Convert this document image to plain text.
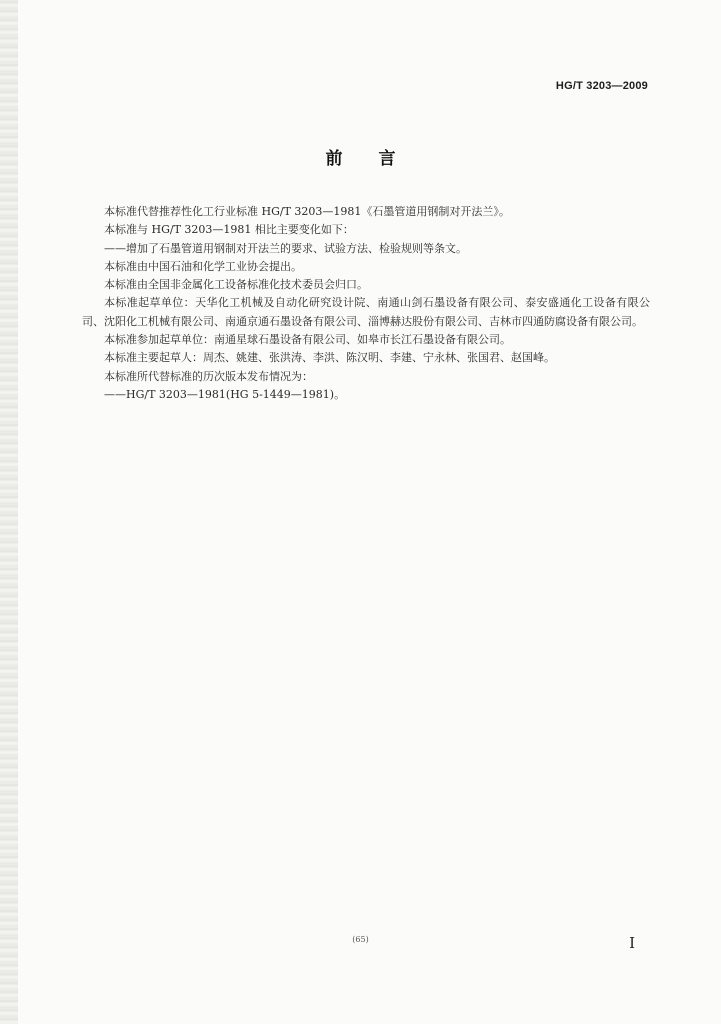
HG/T 3203—2009
前言

本标准代替推荐性化工行业标准 HG/T 3203—1981《石墨管道用钢制对开法兰》。

本标准与 HG/T 3203—1981 相比主要变化如下：

——增加了石墨管道用钢制对开法兰的要求、试验方法、检验规则等条文。

本标准由中国石油和化学工业协会提出。

本标准由全国非金属化工设备标准化技术委员会归口。

本标准起草单位：天华化工机械及自动化研究设计院、南通山剑石墨设备有限公司、泰安盛通化工设备有限公司、沈阳化工机械有限公司、南通京通石墨设备有限公司、淄博赫达股份有限公司、吉林市四通防腐设备有限公司。

本标准参加起草单位：南通星球石墨设备有限公司、如皋市长江石墨设备有限公司。

本标准主要起草人：周杰、姚建、张洪涛、李洪、陈汉明、李建、宁永林、张国君、赵国峰。

本标准所代替标准的历次版本发布情况为：

——HG/T 3203—1981(HG 5-1449—1981)。

(65)	I
